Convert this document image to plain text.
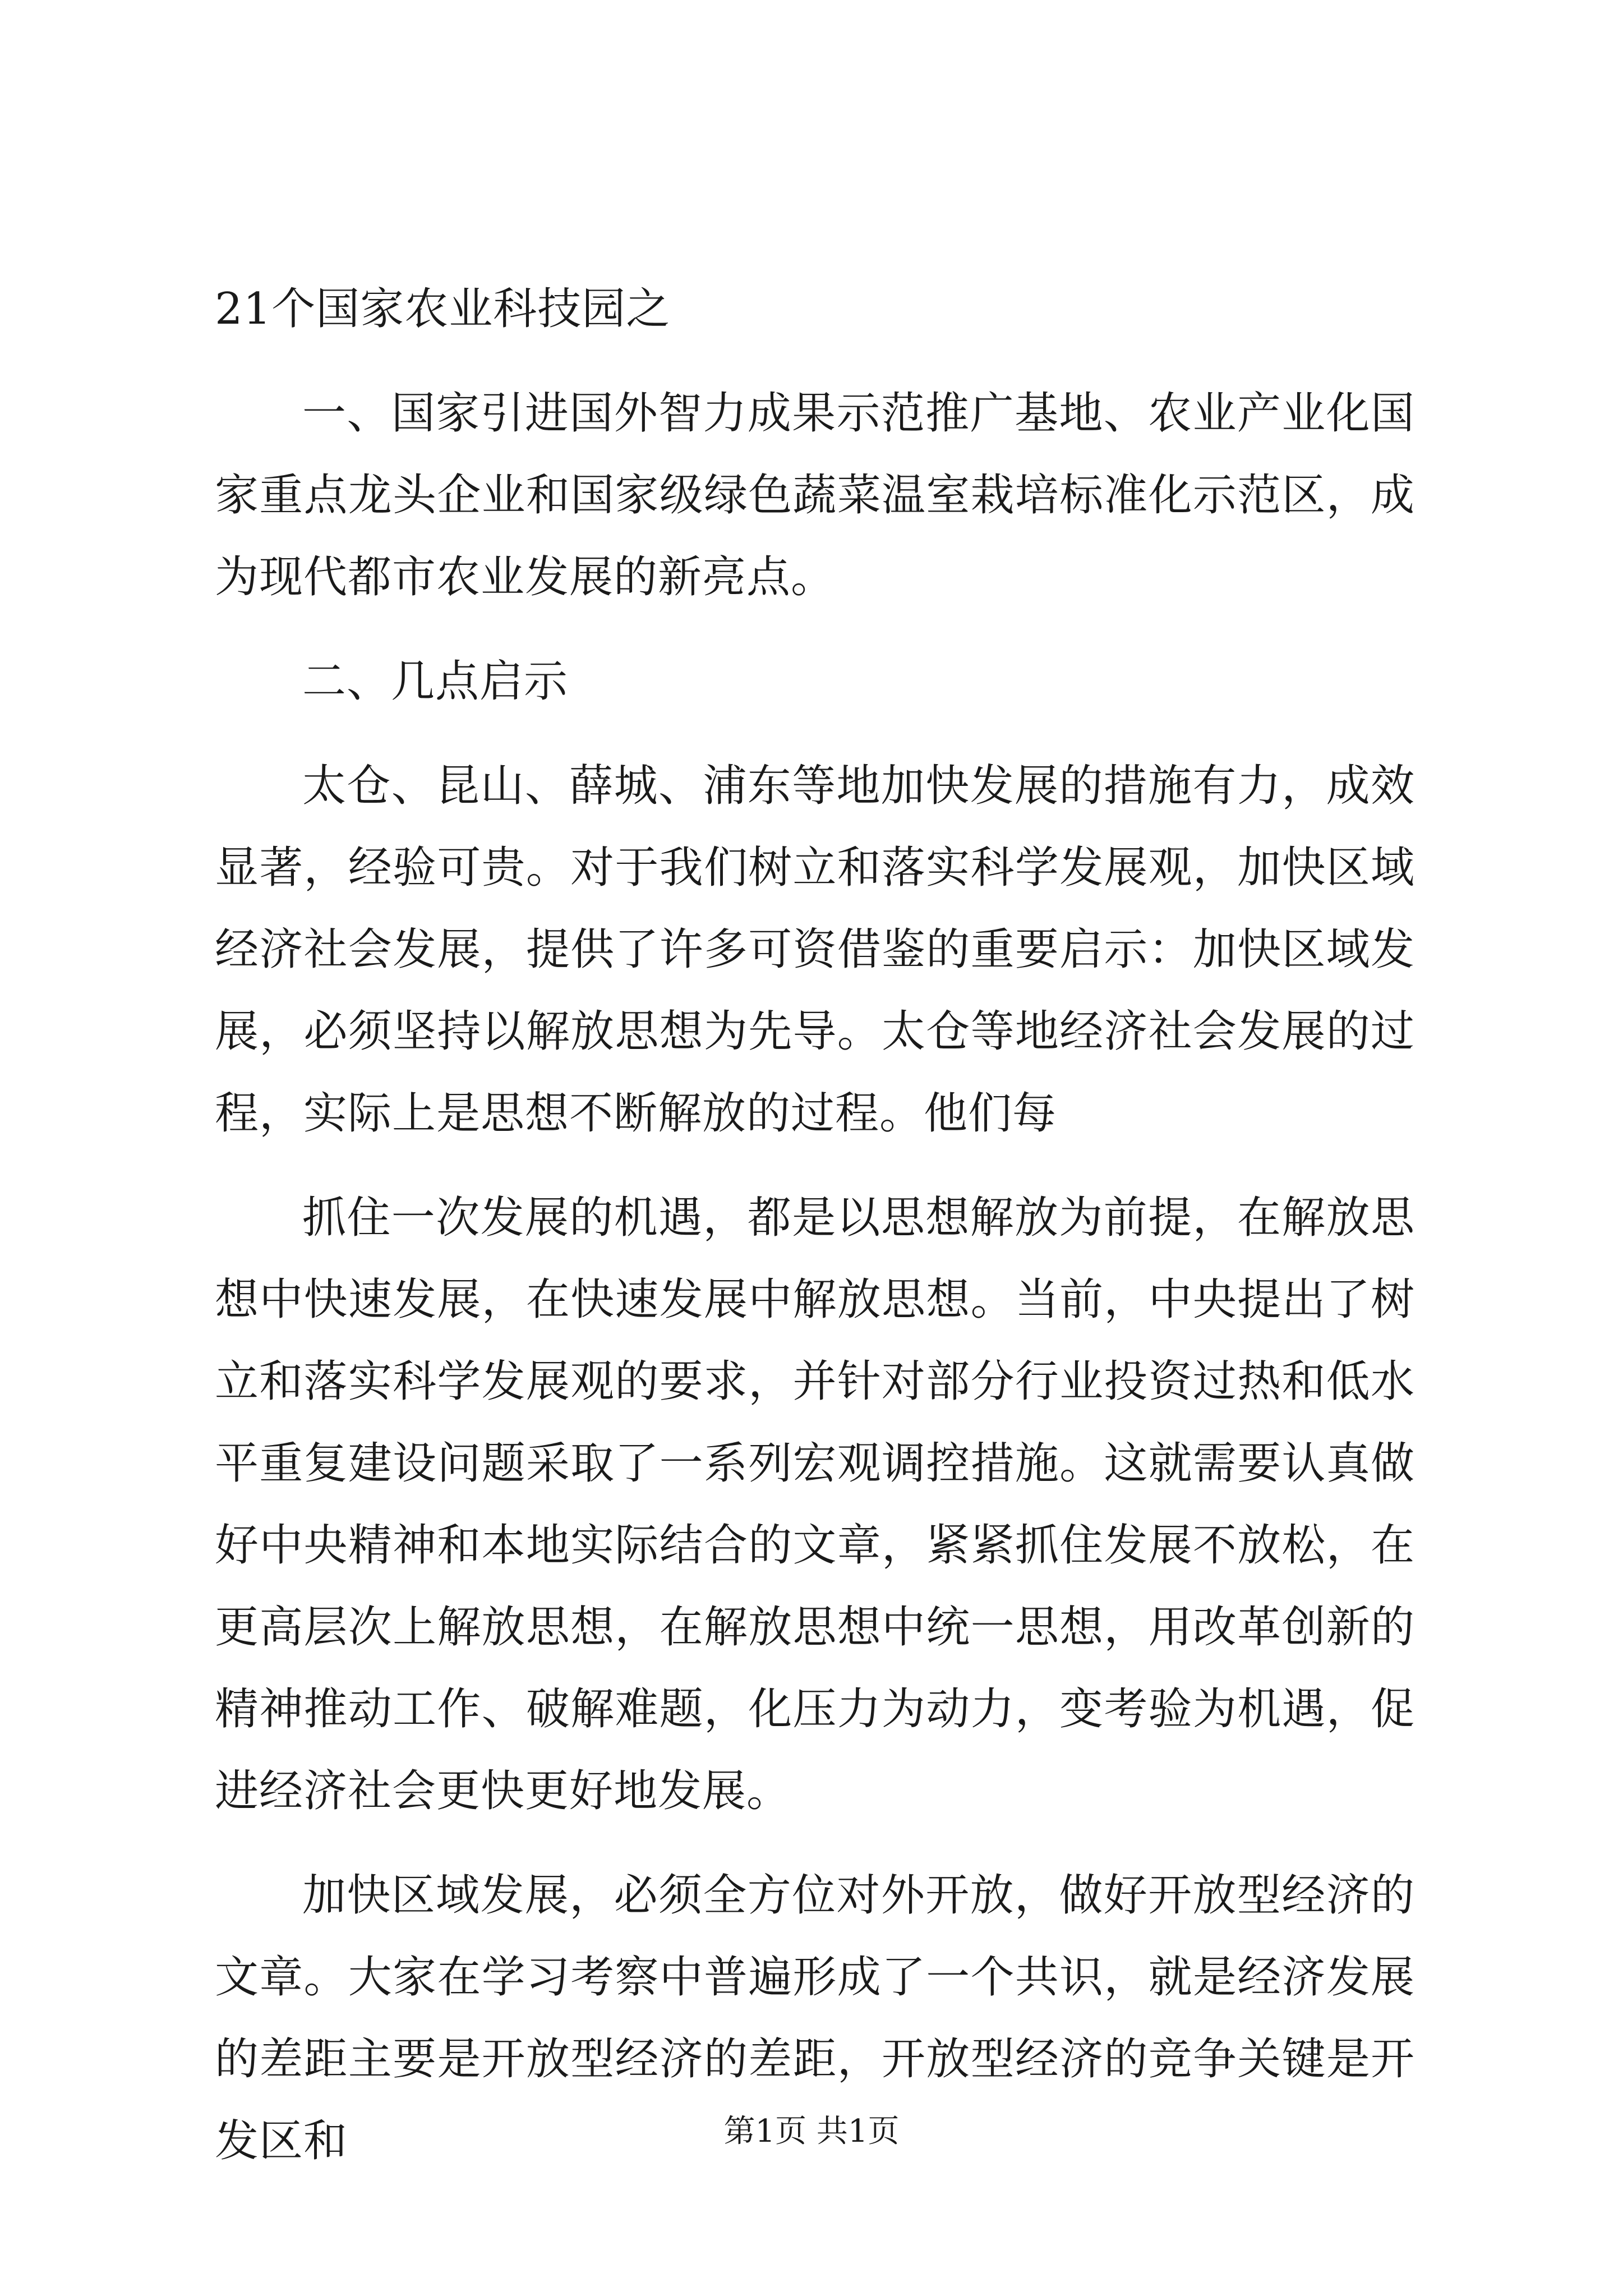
21个国家农业科技园之

一、国家引进国外智力成果示范推广基地、农业产业化国家重点龙头企业和国家级绿色蔬菜温室栽培标准化示范区，成为现代都市农业发展的新亮点。

二、几点启示

太仓、昆山、薛城、浦东等地加快发展的措施有力，成效显著，经验可贵。对于我们树立和落实科学发展观，加快区域经济社会发展，提供了许多可资借鉴的重要启示：加快区域发展，必须坚持以解放思想为先导。太仓等地经济社会发展的过程，实际上是思想不断解放的过程。他们每

抓住一次发展的机遇，都是以思想解放为前提，在解放思想中快速发展，在快速发展中解放思想。当前，中央提出了树立和落实科学发展观的要求，并针对部分行业投资过热和低水平重复建设问题采取了一系列宏观调控措施。这就需要认真做好中央精神和本地实际结合的文章，紧紧抓住发展不放松，在更高层次上解放思想，在解放思想中统一思想，用改革创新的精神推动工作、破解难题，化压力为动力，变考验为机遇，促进经济社会更快更好地发展。

加快区域发展，必须全方位对外开放，做好开放型经济的文章。大家在学习考察中普遍形成了一个共识，就是经济发展的差距主要是开放型经济的差距，开放型经济的竞争关键是开发区和	第1页 共1页
